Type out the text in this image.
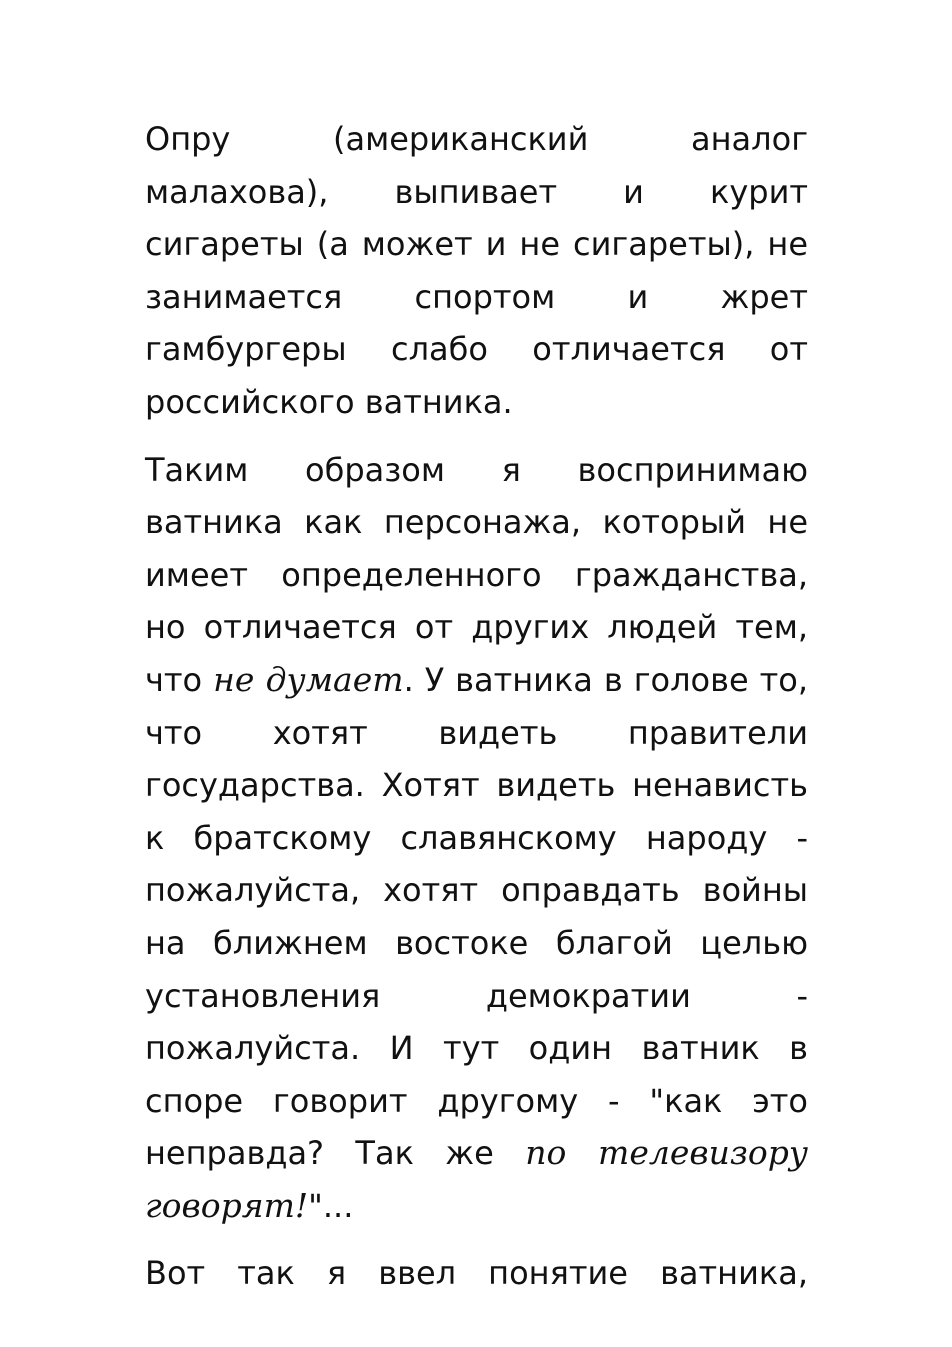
Опру (американский аналог малахова), выпивает и курит сигареты (а может и не сигареты), не занимается спортом и жрет гамбургеры слабо отличается от российского ватника.

Таким образом я воспринимаю ватника как персонажа, который не имеет определенного гражданства, но отличается от других людей тем, что не думает. У ватника в голове то, что хотят видеть правители государства. Хотят видеть ненависть к братскому славянскому народу - пожалуйста, хотят оправдать войны на ближнем востоке благой целью установления демократии - пожалуйста. И тут один ватник в споре говорит другому - "как это неправда? Так же по телевизору говорят!"...

Вот так я ввел понятие ватника,
